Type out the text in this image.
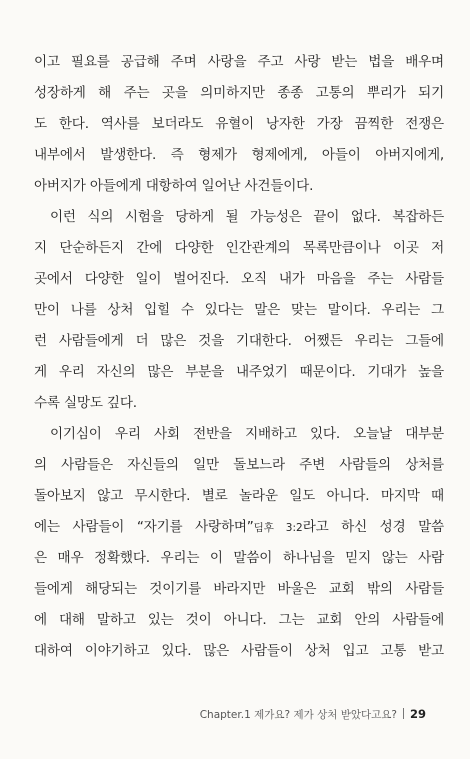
이고 필요를 공급해 주며 사랑을 주고 사랑 받는 법을 배우며
성장하게 해 주는 곳을 의미하지만 종종 고통의 뿌리가 되기
도 한다. 역사를 보더라도 유혈이 낭자한 가장 끔찍한 전쟁은
내부에서 발생한다. 즉 형제가 형제에게, 아들이 아버지에게,
아버지가 아들에게 대항하여 일어난 사건들이다.
이런 식의 시험을 당하게 될 가능성은 끝이 없다. 복잡하든
지 단순하든지 간에 다양한 인간관계의 목록만큼이나 이곳 저
곳에서 다양한 일이 벌어진다. 오직 내가 마음을 주는 사람들
만이 나를 상처 입힐 수 있다는 말은 맞는 말이다. 우리는 그
런 사람들에게 더 많은 것을 기대한다. 어쨌든 우리는 그들에
게 우리 자신의 많은 부분을 내주었기 때문이다. 기대가 높을
수록 실망도 깊다.
이기심이 우리 사회 전반을 지배하고 있다. 오늘날 대부분
의 사람들은 자신들의 일만 돌보느라 주변 사람들의 상처를
돌아보지 않고 무시한다. 별로 놀라운 일도 아니다. 마지막 때
에는 사람들이 “자기를 사랑하며”딤후 3:2라고 하신 성경 말씀
은 매우 정확했다. 우리는 이 말씀이 하나님을 믿지 않는 사람
들에게 해당되는 것이기를 바라지만 바울은 교회 밖의 사람들
에 대해 말하고 있는 것이 아니다. 그는 교회 안의 사람들에
대하여 이야기하고 있다. 많은 사람들이 상처 입고 고통 받고
Chapter.1 제가요? 제가 상처 받았다고요? 29
